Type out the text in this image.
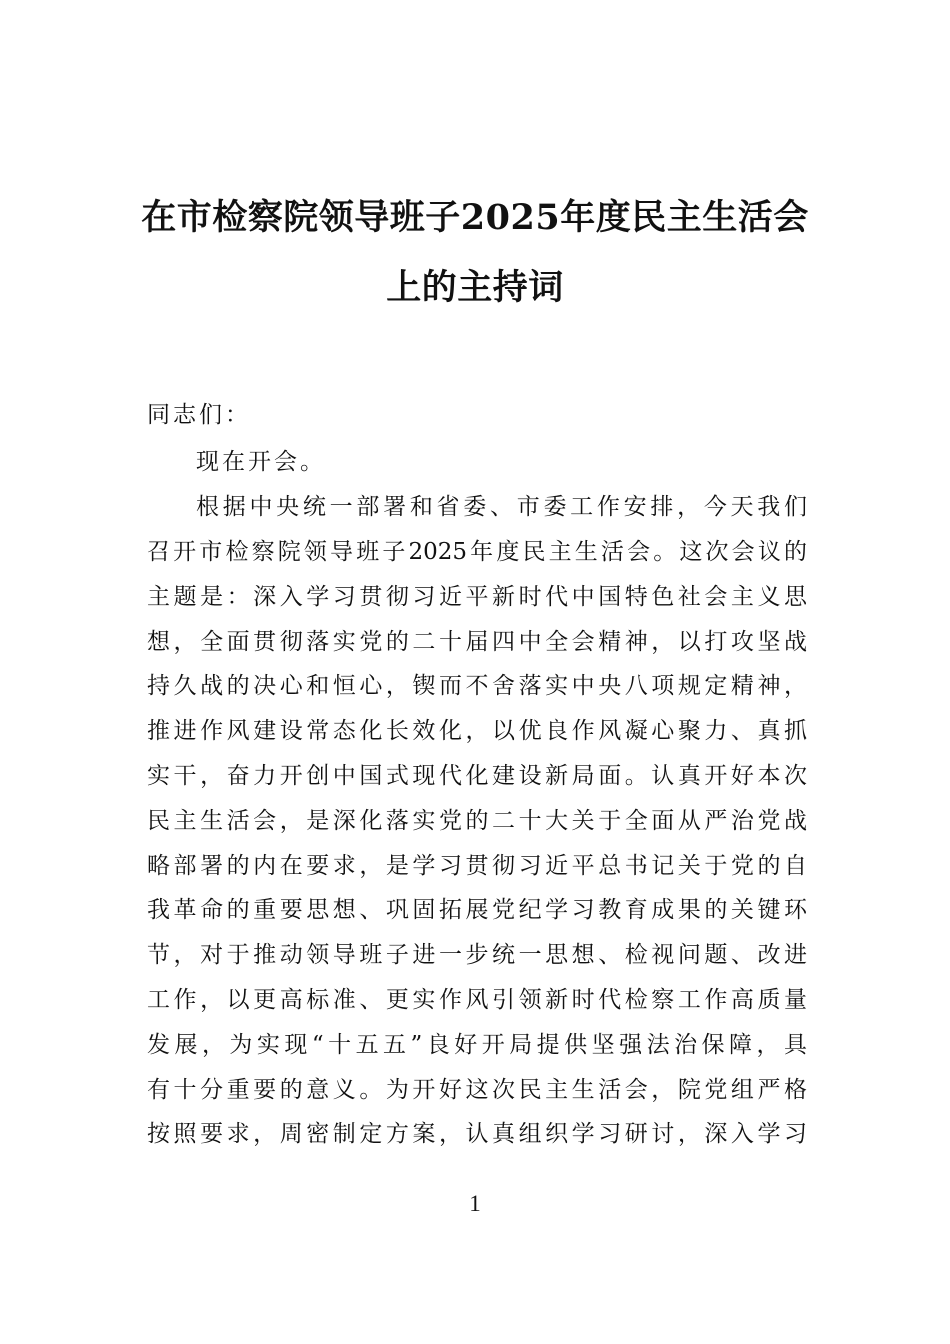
在市检察院领导班子2025年度民主生活会
上的主持词

同志们：

现在开会。

根据中央统一部署和省委、市委工作安排，今天我们

召开市检察院领导班子2025年度民主生活会。这次会议的

主题是：深入学习贯彻习近平新时代中国特色社会主义思

想，全面贯彻落实党的二十届四中全会精神，以打攻坚战

持久战的决心和恒心，锲而不舍落实中央八项规定精神，

推进作风建设常态化长效化，以优良作风凝心聚力、真抓

实干，奋力开创中国式现代化建设新局面。认真开好本次

民主生活会，是深化落实党的二十大关于全面从严治党战

略部署的内在要求，是学习贯彻习近平总书记关于党的自

我革命的重要思想、巩固拓展党纪学习教育成果的关键环

节，对于推动领导班子进一步统一思想、检视问题、改进

工作，以更高标准、更实作风引领新时代检察工作高质量

发展，为实现“十五五”良好开局提供坚强法治保障，具

有十分重要的意义。为开好这次民主生活会，院党组严格

按照要求，周密制定方案，认真组织学习研讨，深入学习

1
